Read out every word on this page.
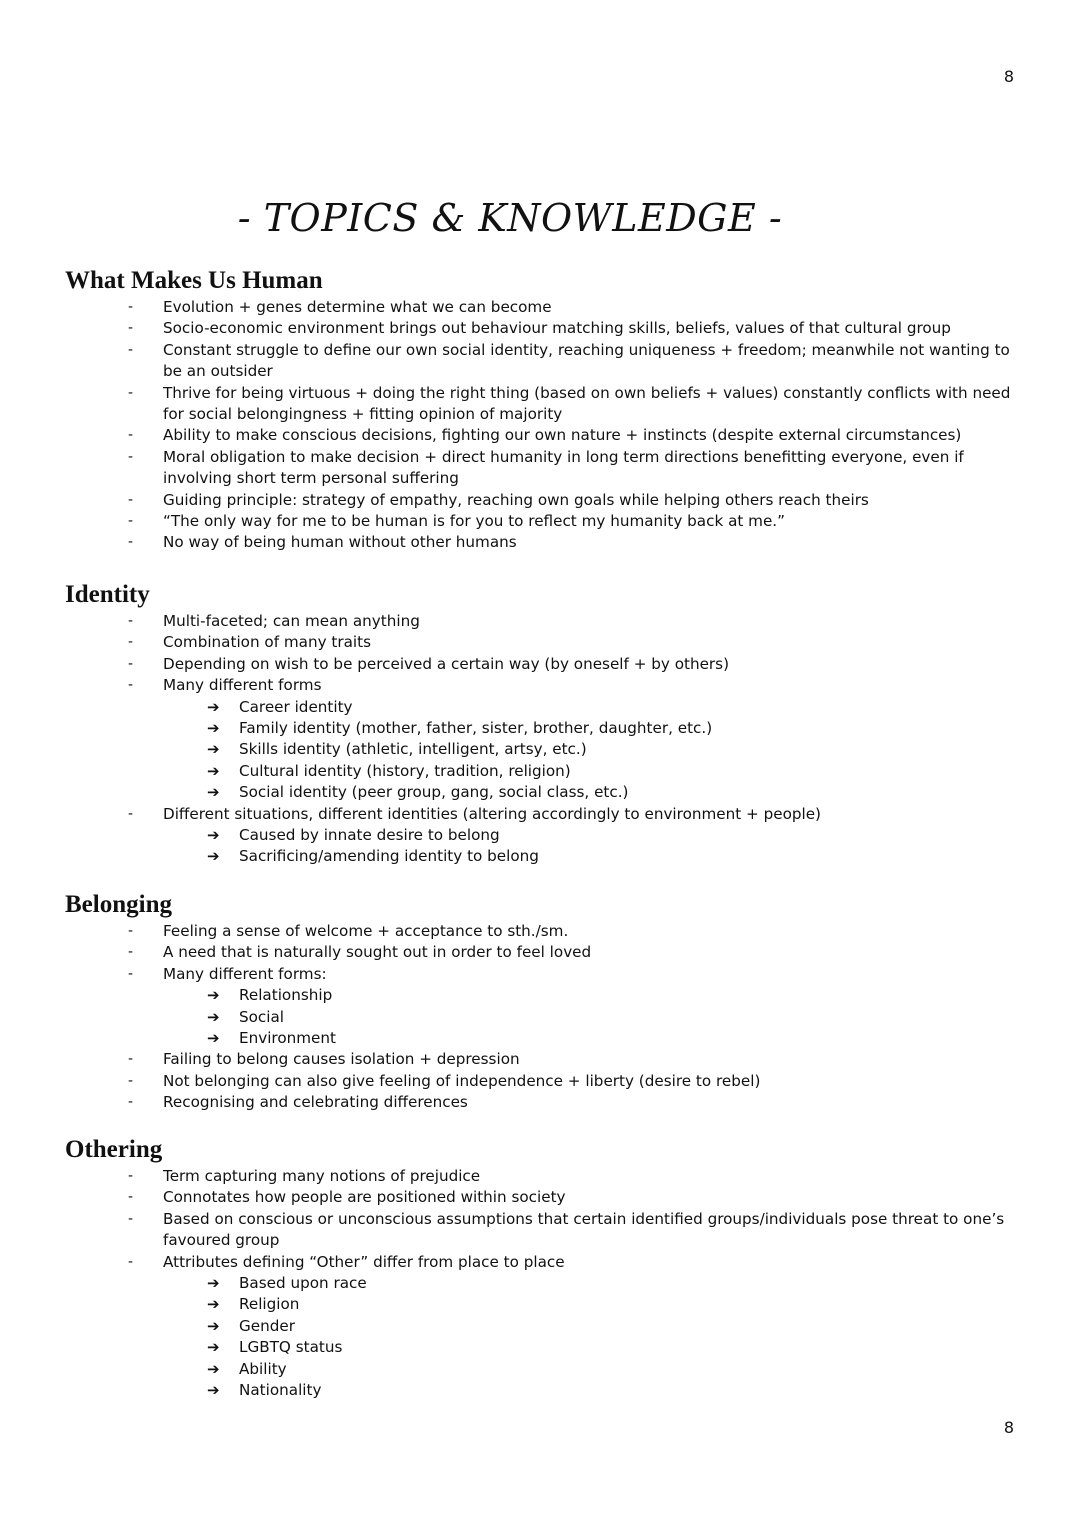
8
- TOPICS & KNOWLEDGE -
What Makes Us Human
- Evolution + genes determine what we can become
- Socio-economic environment brings out behaviour matching skills, beliefs, values of that cultural group
- Constant struggle to define our own social identity, reaching uniqueness + freedom; meanwhile not wanting to be an outsider
- Thrive for being virtuous + doing the right thing (based on own beliefs + values) constantly conflicts with need for social belongingness + fitting opinion of majority
- Ability to make conscious decisions, fighting our own nature + instincts (despite external circumstances)
- Moral obligation to make decision + direct humanity in long term directions benefitting everyone, even if involving short term personal suffering
- Guiding principle: strategy of empathy, reaching own goals while helping others reach theirs
- “The only way for me to be human is for you to reflect my humanity back at me.”
- No way of being human without other humans
Identity
- Multi-faceted; can mean anything
- Combination of many traits
- Depending on wish to be perceived a certain way (by oneself + by others)
- Many different forms
➔ Career identity
➔ Family identity (mother, father, sister, brother, daughter, etc.)
➔ Skills identity (athletic, intelligent, artsy, etc.)
➔ Cultural identity (history, tradition, religion)
➔ Social identity (peer group, gang, social class, etc.)
- Different situations, different identities (altering accordingly to environment + people)
➔ Caused by innate desire to belong
➔ Sacrificing/amending identity to belong
Belonging
- Feeling a sense of welcome + acceptance to sth./sm.
- A need that is naturally sought out in order to feel loved
- Many different forms:
➔ Relationship
➔ Social
➔ Environment
- Failing to belong causes isolation + depression
- Not belonging can also give feeling of independence + liberty (desire to rebel)
- Recognising and celebrating differences
Othering
- Term capturing many notions of prejudice
- Connotates how people are positioned within society
- Based on conscious or unconscious assumptions that certain identified groups/individuals pose threat to one’s favoured group
- Attributes defining “Other” differ from place to place
➔ Based upon race
➔ Religion
➔ Gender
➔ LGBTQ status
➔ Ability
➔ Nationality
8
